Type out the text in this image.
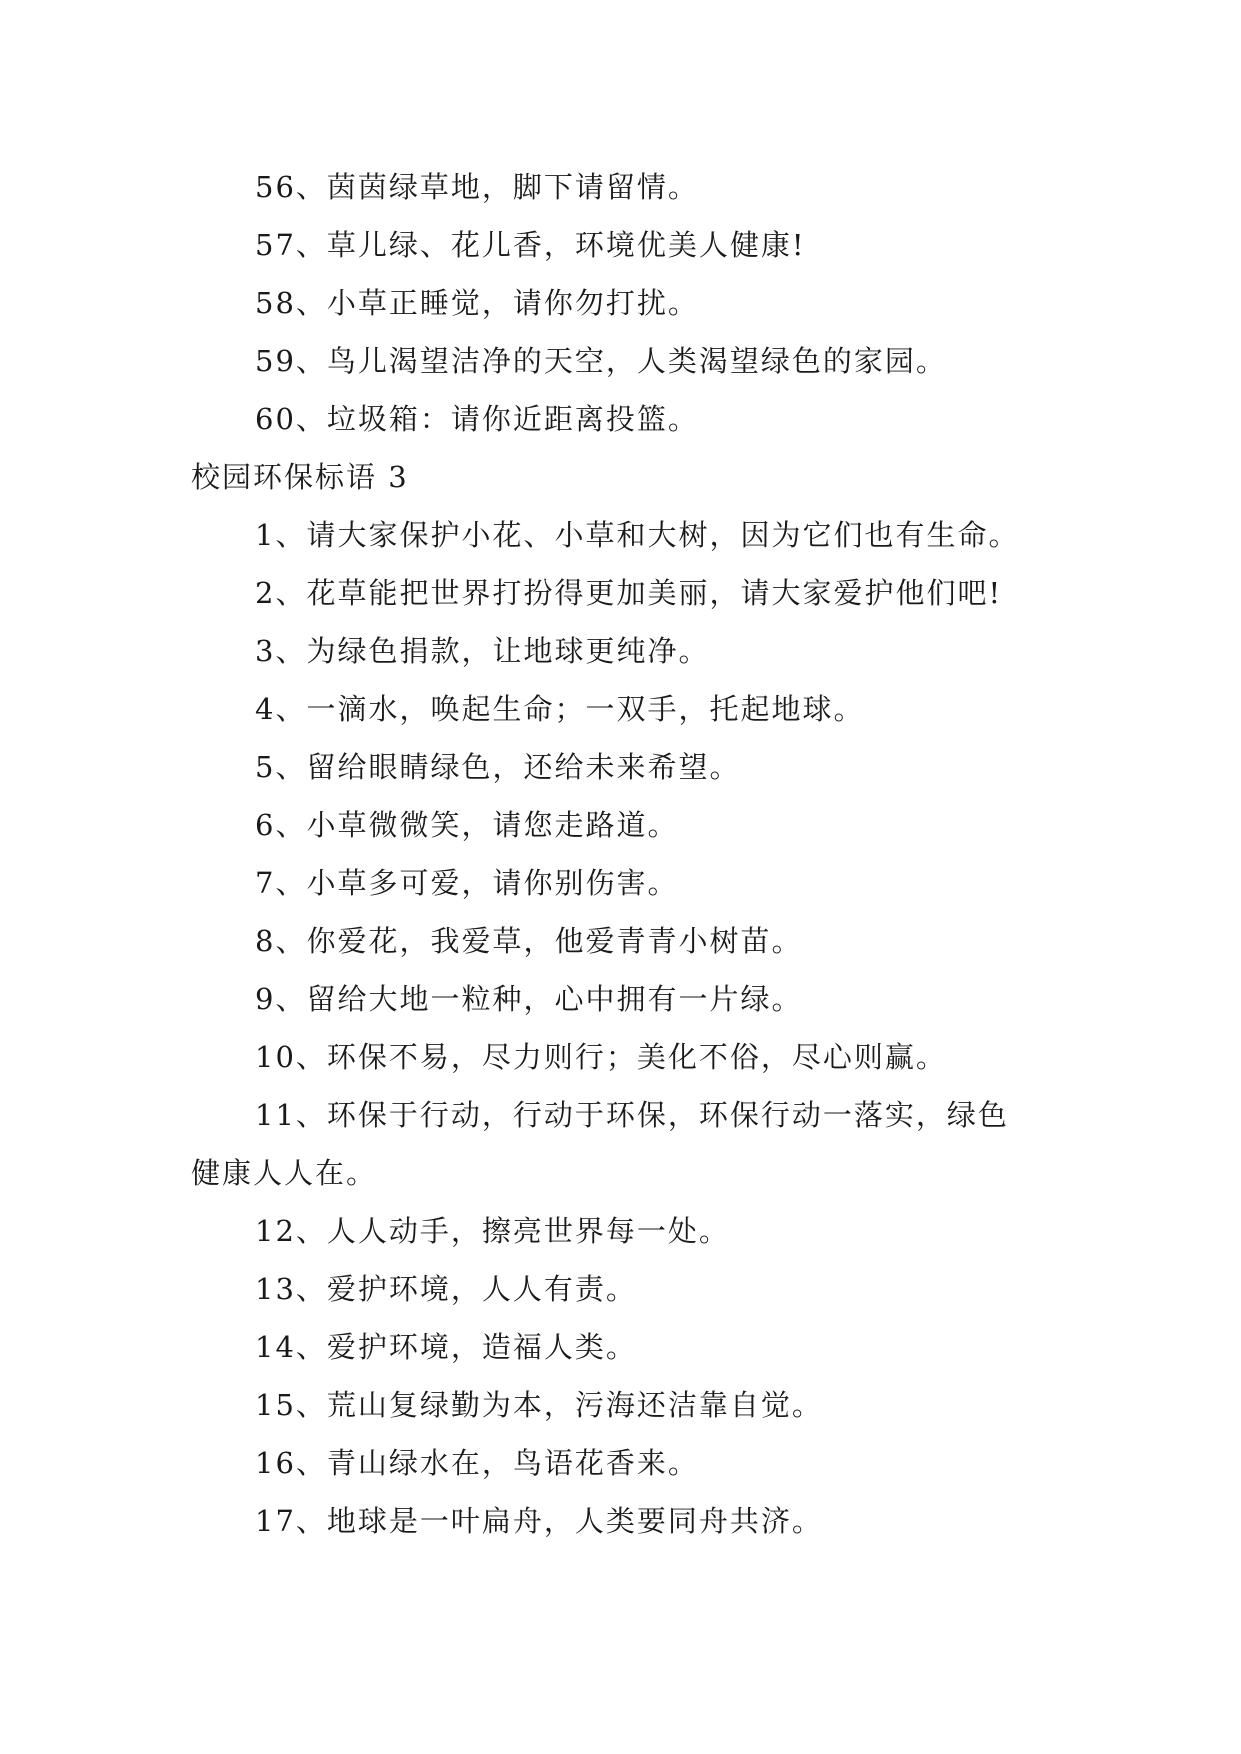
56、茵茵绿草地，脚下请留情。
57、草儿绿、花儿香，环境优美人健康!
58、小草正睡觉，请你勿打扰。
59、鸟儿渴望洁净的天空，人类渴望绿色的家园。
60、垃圾箱：请你近距离投篮。
校园环保标语 3
1、请大家保护小花、小草和大树，因为它们也有生命。
2、花草能把世界打扮得更加美丽，请大家爱护他们吧!
3、为绿色捐款，让地球更纯净。
4、一滴水，唤起生命；一双手，托起地球。
5、留给眼睛绿色，还给未来希望。
6、小草微微笑，请您走路道。
7、小草多可爱，请你别伤害。
8、你爱花，我爱草，他爱青青小树苗。
9、留给大地一粒种，心中拥有一片绿。
10、环保不易，尽力则行；美化不俗，尽心则赢。
11、环保于行动，行动于环保，环保行动一落实，绿色
健康人人在。
12、人人动手，擦亮世界每一处。
13、爱护环境，人人有责。
14、爱护环境，造福人类。
15、荒山复绿勤为本，污海还洁靠自觉。
16、青山绿水在，鸟语花香来。
17、地球是一叶扁舟，人类要同舟共济。
